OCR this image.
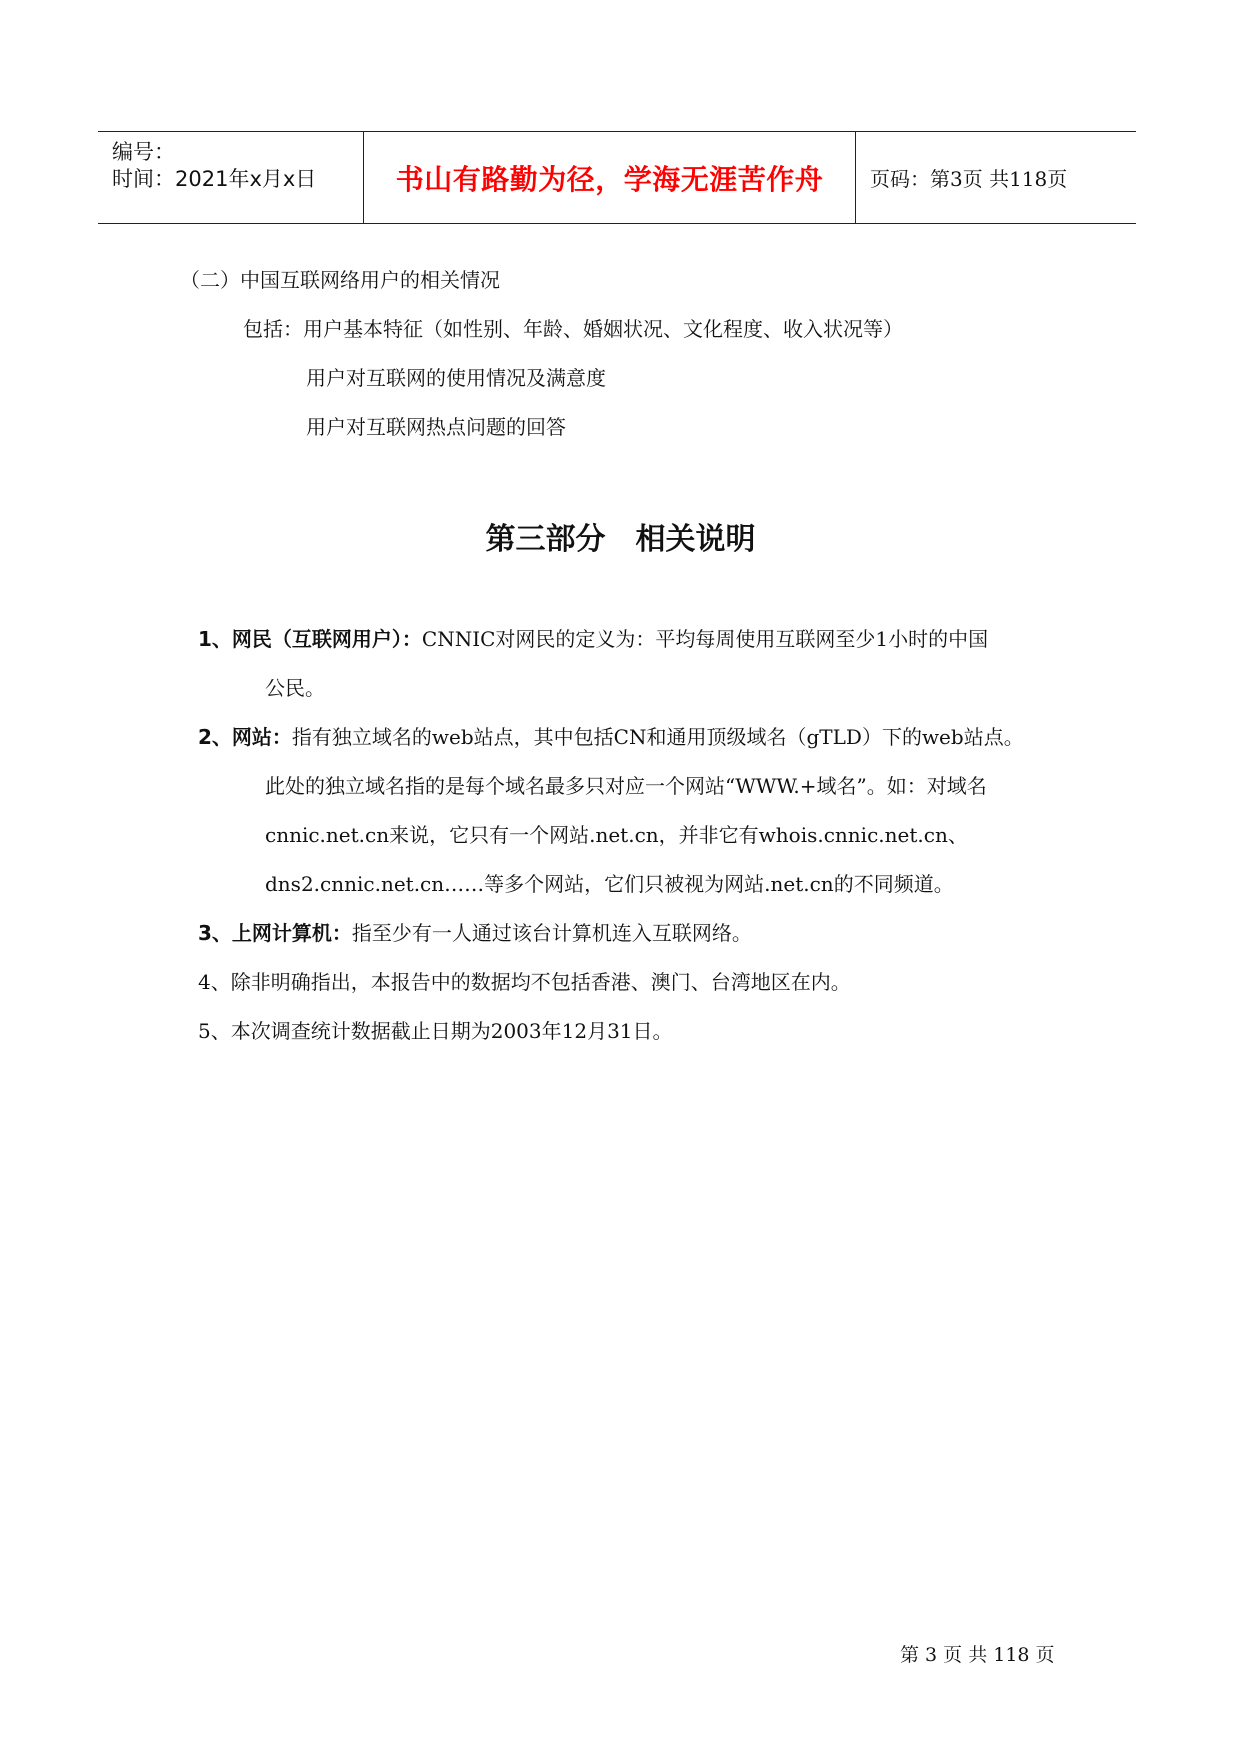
编号：
时间：2021年x月x日	书山有路勤为径，学海无涯苦作舟 页码：第3页 共118页
（二）中国互联网络用户的相关情况
包括：用户基本特征（如性别、年龄、婚姻状况、文化程度、收入状况等）
用户对互联网的使用情况及满意度
用户对互联网热点问题的回答
第三部分 相关说明
1、网民（互联网用户）：CNNIC对网民的定义为：平均每周使用互联网至少1小时的中国
公民。
2、网站：指有独立域名的web站点，其中包括CN和通用顶级域名（gTLD）下的web站点。
此处的独立域名指的是每个域名最多只对应一个网站“WWW.+域名”。如：对域名
cnnic.net.cn来说，它只有一个网站.net.cn，并非它有whois.cnnic.net.cn、
dns2.cnnic.net.cn……等多个网站，它们只被视为网站.net.cn的不同频道。
3、上网计算机：指至少有一人通过该台计算机连入互联网络。
4、除非明确指出，本报告中的数据均不包括香港、澳门、台湾地区在内。
5、本次调查统计数据截止日期为2003年12月31日。
第 3 页 共 118 页
